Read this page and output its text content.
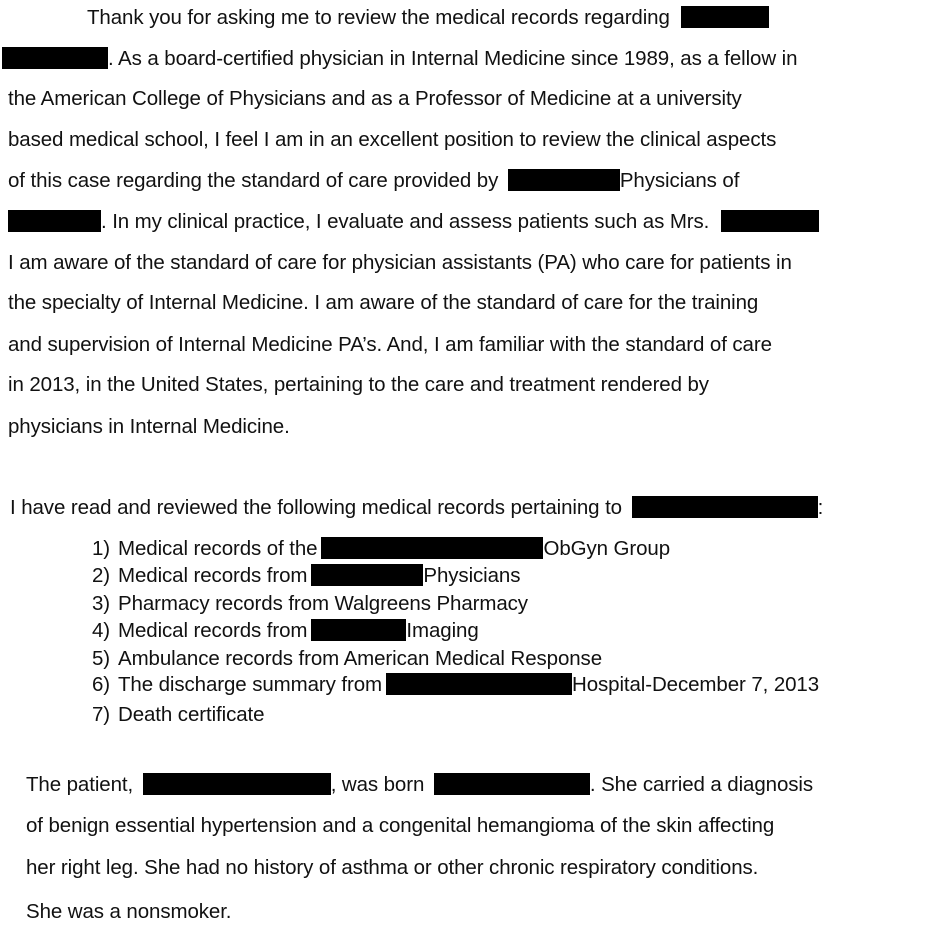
Thank you for asking me to review the medical records regarding
. As a board-certified physician in Internal Medicine since 1989, as a fellow in
the American College of Physicians and as a Professor of Medicine at a university
based medical school, I feel I am in an excellent position to review the clinical aspects
of this case regarding the standard of care provided by	Physicians of
. In my clinical practice, I evaluate and assess patients such as Mrs.
I am aware of the standard of care for physician assistants (PA) who care for patients in
the specialty of Internal Medicine. I am aware of the standard of care for the training
and supervision of Internal Medicine PA’s. And, I am familiar with the standard of care
in 2013, in the United States, pertaining to the care and treatment rendered by
physicians in Internal Medicine.
I have read and reviewed the following medical records pertaining to	:
1) Medical records of the	ObGyn Group
2) Medical records from	Physicians
3) Pharmacy records from Walgreens Pharmacy
4) Medical records from	Imaging
5) Ambulance records from American Medical Response
6) The discharge summary from	Hospital-December 7, 2013
7) Death certificate
The patient,	, was born	. She carried a diagnosis
of benign essential hypertension and a congenital hemangioma of the skin affecting
her right leg. She had no history of asthma or other chronic respiratory conditions.
She was a nonsmoker.
